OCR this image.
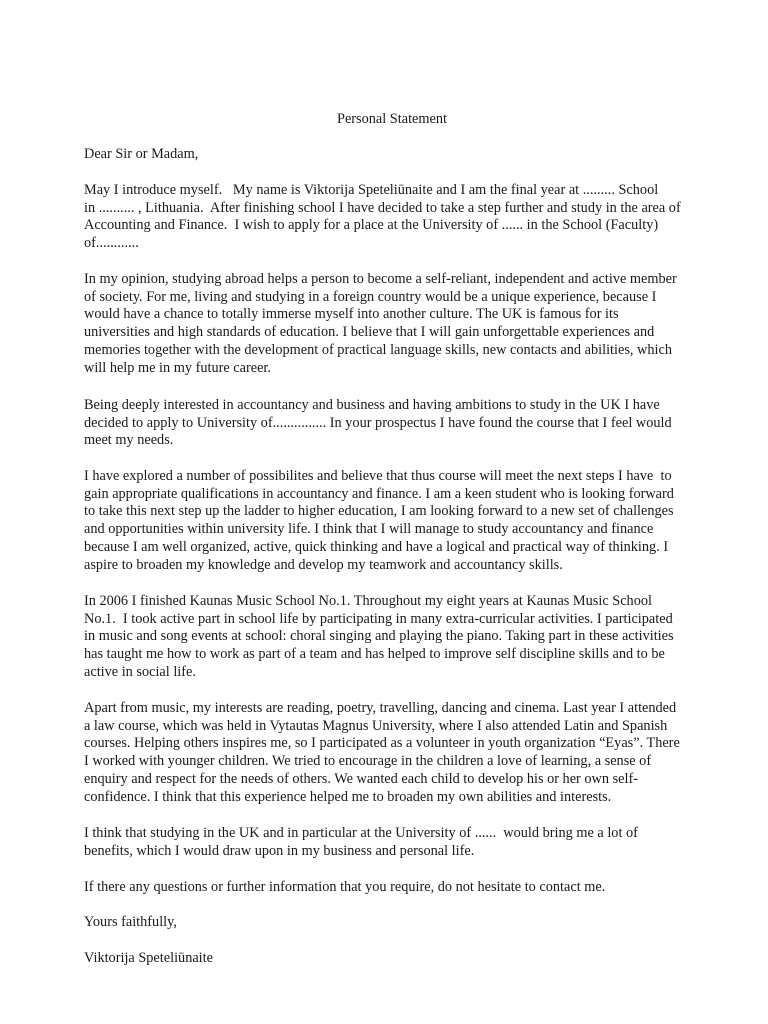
Personal Statement

Dear Sir or Madam,

May I introduce myself.   My name is Viktorija Speteliūnaite and I am the final year at ......... School
in .......... , Lithuania.  After finishing school I have decided to take a step further and study in the area of
Accounting and Finance.  I wish to apply for a place at the University of ...... in the School (Faculty)
of............

In my opinion, studying abroad helps a person to become a self-reliant, independent and active member
of society. For me, living and studying in a foreign country would be a unique experience, because I
would have a chance to totally immerse myself into another culture. The UK is famous for its
universities and high standards of education. I believe that I will gain unforgettable experiences and
memories together with the development of practical language skills, new contacts and abilities, which
will help me in my future career.

Being deeply interested in accountancy and business and having ambitions to study in the UK I have
decided to apply to University of............... In your prospectus I have found the course that I feel would
meet my needs.

I have explored a number of possibilites and believe that thus course will meet the next steps I have  to
gain appropriate qualifications in accountancy and finance. I am a keen student who is looking forward
to take this next step up the ladder to higher education, I am looking forward to a new set of challenges
and opportunities within university life. I think that I will manage to study accountancy and finance
because I am well organized, active, quick thinking and have a logical and practical way of thinking. I
aspire to broaden my knowledge and develop my teamwork and accountancy skills.

In 2006 I finished Kaunas Music School No.1. Throughout my eight years at Kaunas Music School
No.1.  I took active part in school life by participating in many extra-curricular activities. I participated
in music and song events at school: choral singing and playing the piano. Taking part in these activities
has taught me how to work as part of a team and has helped to improve self discipline skills and to be
active in social life.

Apart from music, my interests are reading, poetry, travelling, dancing and cinema. Last year I attended
a law course, which was held in Vytautas Magnus University, where I also attended Latin and Spanish
courses. Helping others inspires me, so I participated as a volunteer in youth organization “Eyas”. There
I worked with younger children. We tried to encourage in the children a love of learning, a sense of
enquiry and respect for the needs of others. We wanted each child to develop his or her own self-
confidence. I think that this experience helped me to broaden my own abilities and interests.

I think that studying in the UK and in particular at the University of ......  would bring me a lot of
benefits, which I would draw upon in my business and personal life.

If there any questions or further information that you require, do not hesitate to contact me.

Yours faithfully,

Viktorija Speteliūnaite
